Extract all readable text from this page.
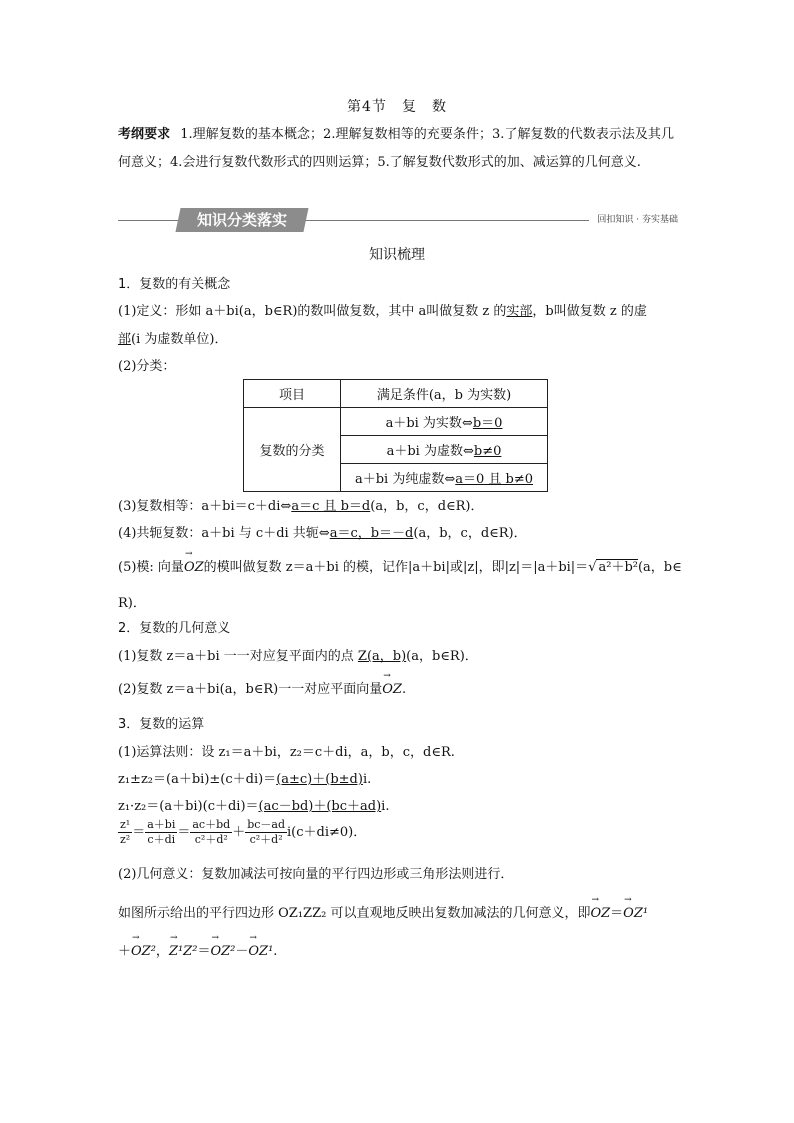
第4节　复　数
考纲要求 1.理解复数的基本概念；2.理解复数相等的充要条件；3.了解复数的代数表示法及其几何意义；4.会进行复数代数形式的四则运算；5.了解复数代数形式的加、减运算的几何意义.
知识分类落实	回扣知识 · 夯实基础
知识梳理
1．复数的有关概念
(1)定义：形如 a＋bi(a，b∈R)的数叫做复数，其中 a叫做复数 z 的实部，b叫做复数 z 的虚
部(i 为虚数单位)．
(2)分类：
项目	满足条件(a，b 为实数)
复数的分类	a＋bi 为实数⇔b＝0
	a＋bi 为虚数⇔b≠0
	a＋bi 为纯虚数⇔a＝0 且 b≠0
(3)复数相等：a＋bi＝c＋di⇔a＝c 且 b＝d(a，b，c，d∈R)．
(4)共轭复数：a＋bi 与 c＋di 共轭⇔a＝c，b＝－d(a，b，c，d∈R)．
(5)模: 向量→ OZ的模叫做复数 z＝a＋bi 的模，记作|a＋bi|或|z|，即|z|＝|a＋bi|＝√ a²＋b²(a，b∈
R)．
2．复数的几何意义
(1)复数 z＝a＋bi 一一对应复平面内的点 Z(a，b)(a，b∈R)．
(2)复数 z＝a＋bi(a，b∈R)一一对应平面向量→ OZ.
3．复数的运算
(1)运算法则：设 z₁＝a＋bi，z₂＝c＋di，a，b，c，d∈R.
z₁±z₂＝(a＋bi)±(c＋di)＝(a±c)＋(b±d)i.
z₁·z₂＝(a＋bi)(c＋di)＝(ac－bd)＋(bc＋ad)i.
$\frac{\text{z¹}}{\text{z²}} = \frac{a+bi}{c+di} = \frac{ac+bd}{\text{c²＋d²}} + \frac{bc-ad}{\text{c²＋d²}} i(c+di\ne 0)$．
(2)几何意义：复数加减法可按向量的平行四边形或三角形法则进行．
如图所示给出的平行四边形 OZ₁ZZ₂ 可以直观地反映出复数加减法的几何意义，即→ OZ＝→ OZ¹
＋→ OZ²，→ Z¹Z²＝→ OZ²－→ OZ¹.
